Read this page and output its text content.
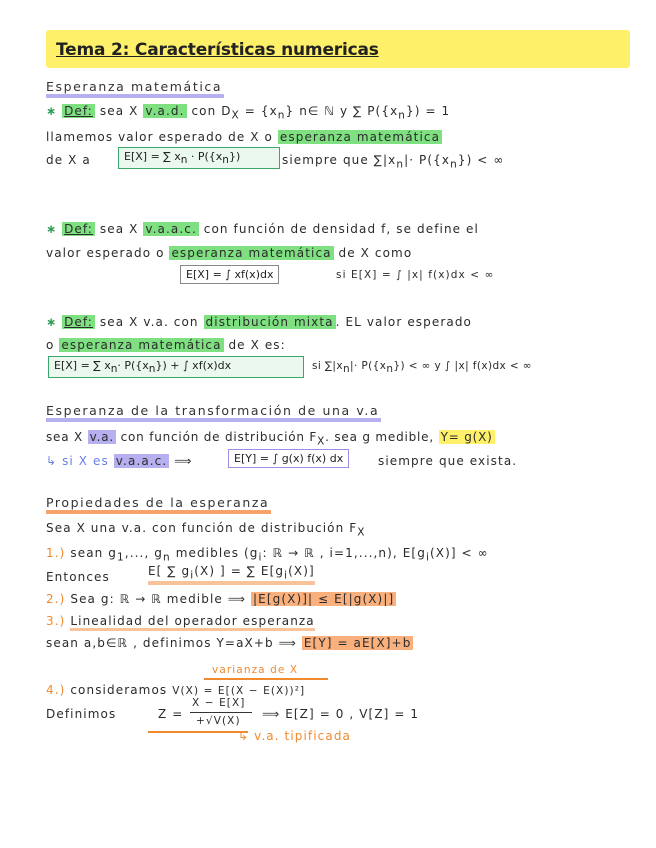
Tema 2: Características numericas
Esperanza matemática
∗ Def: sea X v.a.d. con $D_X = \{x_n\}$ n∈ ℕ y ∑ $P(\{x_n\}) = 1$
llamemos valor esperado de X o esperanza matemática
de X a	E[X] = ∑ $x_n \cdot P(\{x_n\})$	siempre que $\sum|x_n|\cdot P(\{x_n\})$ < ∞
∗ Def: sea X v.a.a.c. con función de densidad f, se define el
valor esperado o esperanza matemática de X como
E[X] = ∫ xf(x)dx	si E[X] = ∫ |x| f(x)dx < ∞
∗ Def: sea X v.a. con distribución mixta . EL valor esperado
o esperanza matemática de X es:
E[X] = ∑ $x_n\cdot P(\{x_n\})$ + ∫ xf(x)dx	si $\sum|x_n|\cdot P(\{x_n\})$ < ∞ y ∫ |x| f(x)dx < ∞
Esperanza de la transformación de una v.a
sea X v.a. con función de distribución $F_X$. sea g medible, Y= g(X)
↳ si X es v.a.a.c. ⟹	E[Y] = ∫ g(x) f(x) dx	siempre que exista.
Propiedades de la esperanza
Sea X una v.a. con función de distribución $F_X$
1.) sean $g_1$,..., $g_n$ medibles ($g_i$: ℝ → ℝ , i=1,...,n), $E[g_i(X)]$ < ∞
Entonces	E[ ∑ $g_i(X)$ ] = ∑ $E[g_i(X)]$
2.) Sea g: ℝ → ℝ medible ⟹ |E[g(X)]| ≤ E[|g(X)|]
3.) Linealidad del operador esperanza
sean a,b∈ℝ , definimos Y=aX+b ⟹ E[Y] = aE[X]+b
varianza de X
4.) consideramos V(X) = E[(X − E(X))²]
Definimos	Z =
X − E[X]
+√V(X) ⟹ E[Z] = 0 , V[Z] = 1
↳ v.a. tipificada
